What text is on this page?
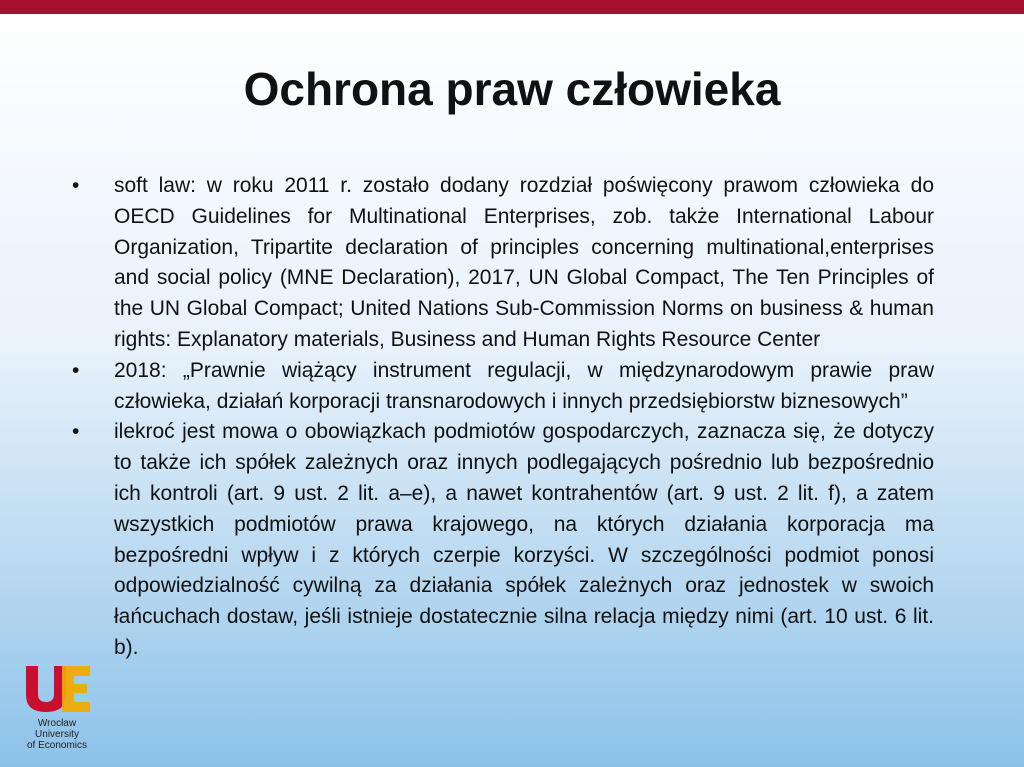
Ochrona praw człowieka
•	soft law: w roku 2011 r. zostało dodany rozdział poświęcony prawom człowieka do OECD Guidelines for Multinational Enterprises, zob. także International Labour Organization, Tripartite declaration of principles concerning multinational,enterprises and social policy (MNE Declaration), 2017, UN Global Compact, The Ten Principles of the UN Global Compact; United Nations Sub-Commission Norms on business & human rights: Explanatory materials, Business and Human Rights Resource Center
•	2018: „Prawnie wiążący instrument regulacji, w międzynarodowym prawie praw człowieka, działań korporacji transnarodowych i innych przedsiębiorstw biznesowych”
•	ilekroć jest mowa o obowiązkach podmiotów gospodarczych, zaznacza się, że dotyczy to także ich spółek zależnych oraz innych podlegających pośrednio lub bezpośrednio ich kontroli (art. 9 ust. 2 lit. a–e), a nawet kontrahentów (art. 9 ust. 2 lit. f), a zatem wszystkich podmiotów prawa krajowego, na których działania korporacja ma bezpośredni wpływ i z których czerpie korzyści. W szczególności podmiot ponosi odpowiedzialność cywilną za działania spółek zależnych oraz jednostek w swoich łańcuchach dostaw, jeśli istnieje dostatecznie silna relacja między nimi (art. 10 ust. 6 lit. b).
Wrocław
University
of Economics
